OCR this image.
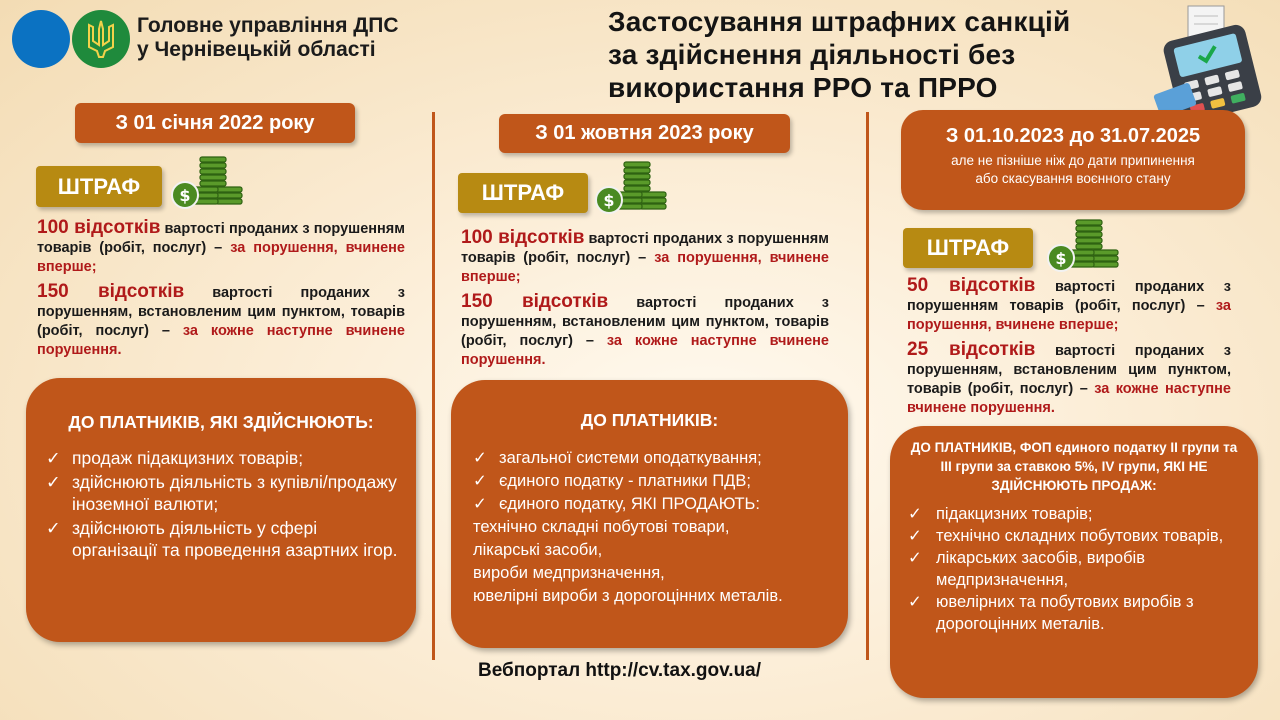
Головне управління ДПС
у Чернівецькій області
Застосування штрафних санкцій
за здійснення діяльності без
використання РРО та ПРРО
З 01 січня 2022 року
ШТРАФ	$

100 відсотків вартості проданих з порушенням товарів (робіт, послуг) – за порушення, вчинене вперше;

150 відсотків вартості проданих з порушенням, встановленим цим пунктом, товарів (робіт, послуг) – за кожне наступне вчинене порушення.

ДО ПЛАТНИКІВ, ЯКІ ЗДІЙСНЮЮТЬ:
✓ продаж підакцизних товарів;
✓ здійснюють діяльність з купівлі/продажу іноземної валюти;
✓ здійснюють діяльність у сфері організації та проведення азартних ігор.
З 01 жовтня 2023 року
ШТРАФ	$

100 відсотків вартості проданих з порушенням товарів (робіт, послуг) – за порушення, вчинене вперше;

150 відсотків вартості проданих з порушенням, встановленим цим пунктом, товарів (робіт, послуг) – за кожне наступне вчинене порушення.

ДО ПЛАТНИКІВ:
✓ загальної системи оподаткування;
✓ єдиного податку - платники ПДВ;
✓ єдиного податку, ЯКІ ПРОДАЮТЬ:
технічно складні побутові товари,
лікарські засоби,
вироби медпризначення,
ювелірні вироби з дорогоцінних металів.
З 01.10.2023 до 31.07.2025
але не пізніше ніж до дати припинення
або скасування воєнного стану
ШТРАФ	$

50 відсотків вартості проданих з порушенням товарів (робіт, послуг) – за порушення, вчинене вперше;

25 відсотків вартості проданих з порушенням, встановленим цим пунктом, товарів (робіт, послуг) – за кожне наступне вчинене порушення.

ДО ПЛАТНИКІВ, ФОП єдиного податку ІІ групи та ІІІ групи за ставкою 5%, ІV групи, ЯКІ НЕ ЗДІЙСНЮЮТЬ ПРОДАЖ:
✓ підакцизних товарів;
✓ технічно складних побутових товарів,
✓ лікарських засобів, виробів медпризначення,
✓ ювелірних та побутових виробів з дорогоцінних металів.
Вебпортал http://cv.tax.gov.ua/
